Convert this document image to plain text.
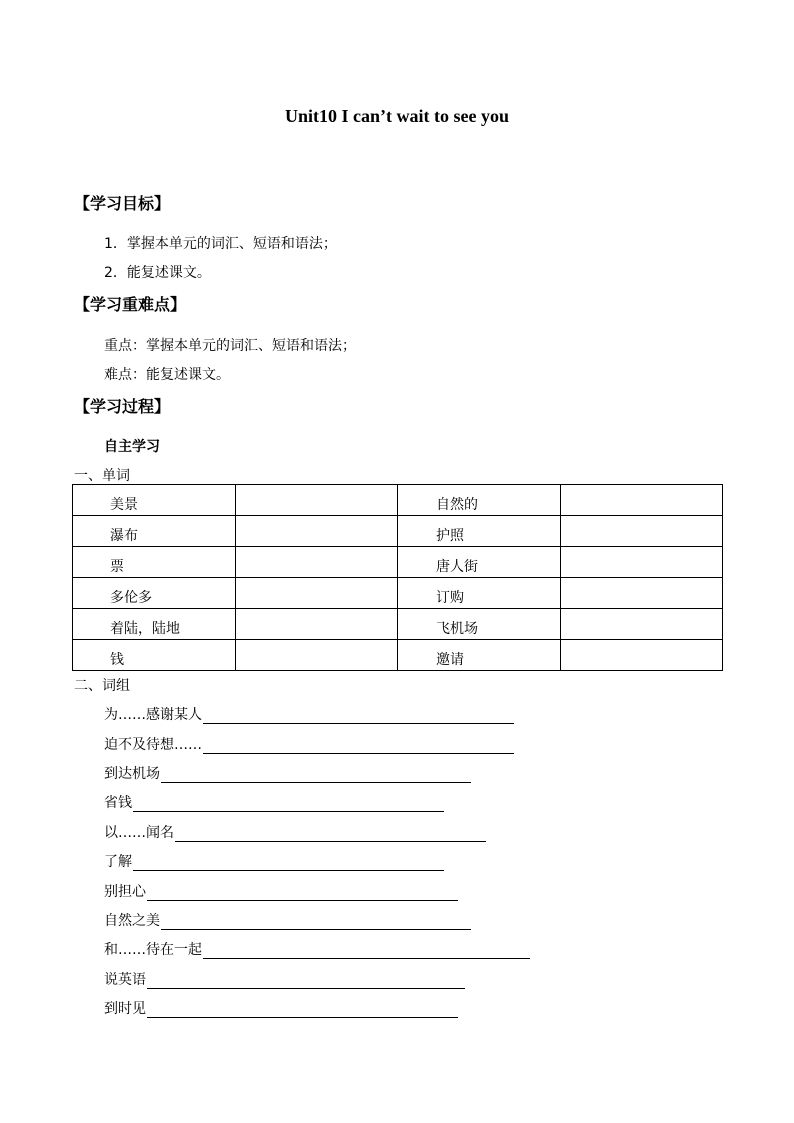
Unit10 I can’t wait to see you
【学习目标】
1．掌握本单元的词汇、短语和语法；
2．能复述课文。
【学习重难点】
重点：掌握本单元的词汇、短语和语法；
难点：能复述课文。
【学习过程】
自主学习
一、单词
美景		自然的	
瀑布		护照	
票		唐人街	
多伦多		订购	
着陆，陆地		飞机场	
钱		邀请	
二、词组
为……感谢某人
迫不及待想……
到达机场
省钱
以……闻名
了解
别担心
自然之美
和……待在一起
说英语
到时见
